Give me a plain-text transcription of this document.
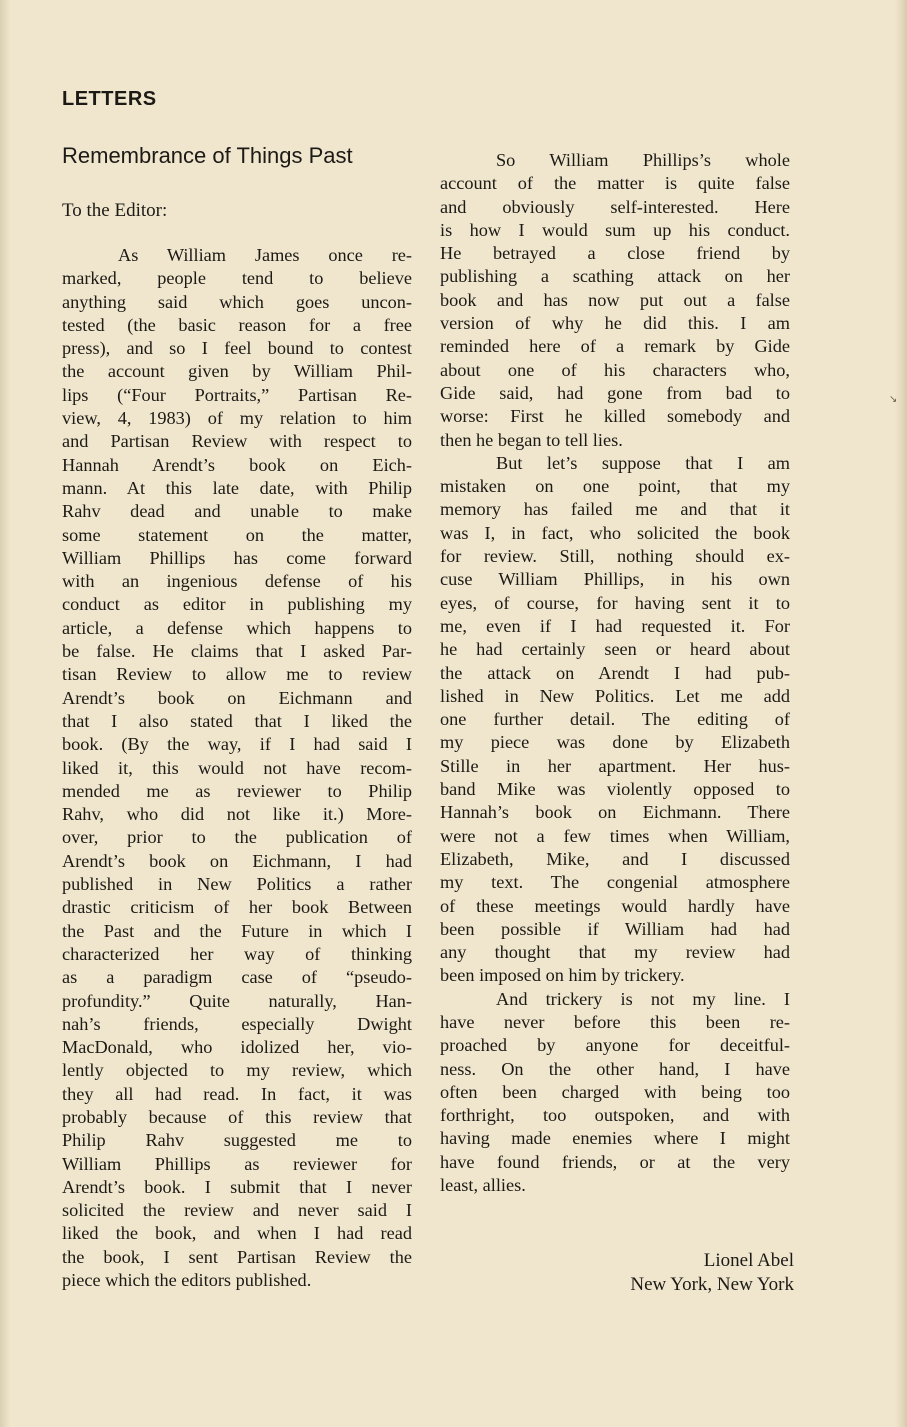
LETTERS
Remembrance of Things Past

To the Editor:

As William James once re-
marked, people tend to believe
anything said which goes uncon-
tested (the basic reason for a free
press), and so I feel bound to contest
the account given by William Phil-
lips (“Four Portraits,” Partisan Re-
view, 4, 1983) of my relation to him
and Partisan Review with respect to
Hannah Arendt’s book on Eich-
mann. At this late date, with Philip
Rahv dead and unable to make
some statement on the matter,
William Phillips has come forward
with an ingenious defense of his
conduct as editor in publishing my
article, a defense which happens to
be false. He claims that I asked Par-
tisan Review to allow me to review
Arendt’s book on Eichmann and
that I also stated that I liked the
book. (By the way, if I had said I
liked it, this would not have recom-
mended me as reviewer to Philip
Rahv, who did not like it.) More-
over, prior to the publication of
Arendt’s book on Eichmann, I had
published in New Politics a rather
drastic criticism of her book Between
the Past and the Future in which I
characterized her way of thinking
as a paradigm case of “pseudo-
profundity.” Quite naturally, Han-
nah’s friends, especially Dwight
MacDonald, who idolized her, vio-
lently objected to my review, which
they all had read. In fact, it was
probably because of this review that
Philip Rahv suggested me to
William Phillips as reviewer for
Arendt’s book. I submit that I never
solicited the review and never said I
liked the book, and when I had read
the book, I sent Partisan Review the
piece which the editors published.

So William Phillips’s whole
account of the matter is quite false
and obviously self-interested. Here
is how I would sum up his conduct.
He betrayed a close friend by
publishing a scathing attack on her
book and has now put out a false
version of why he did this. I am
reminded here of a remark by Gide
about one of his characters who,
Gide said, had gone from bad to
worse: First he killed somebody and
then he began to tell lies.

But let’s suppose that I am
mistaken on one point, that my
memory has failed me and that it
was I, in fact, who solicited the book
for review. Still, nothing should ex-
cuse William Phillips, in his own
eyes, of course, for having sent it to
me, even if I had requested it. For
he had certainly seen or heard about
the attack on Arendt I had pub-
lished in New Politics. Let me add
one further detail. The editing of
my piece was done by Elizabeth
Stille in her apartment. Her hus-
band Mike was violently opposed to
Hannah’s book on Eichmann. There
were not a few times when William,
Elizabeth, Mike, and I discussed
my text. The congenial atmosphere
of these meetings would hardly have
been possible if William had had
any thought that my review had
been imposed on him by trickery.

And trickery is not my line. I
have never before this been re-
proached by anyone for deceitful-
ness. On the other hand, I have
often been charged with being too
forthright, too outspoken, and with
having made enemies where I might
have found friends, or at the very
least, allies.

Lionel Abel
New York, New York
↘
